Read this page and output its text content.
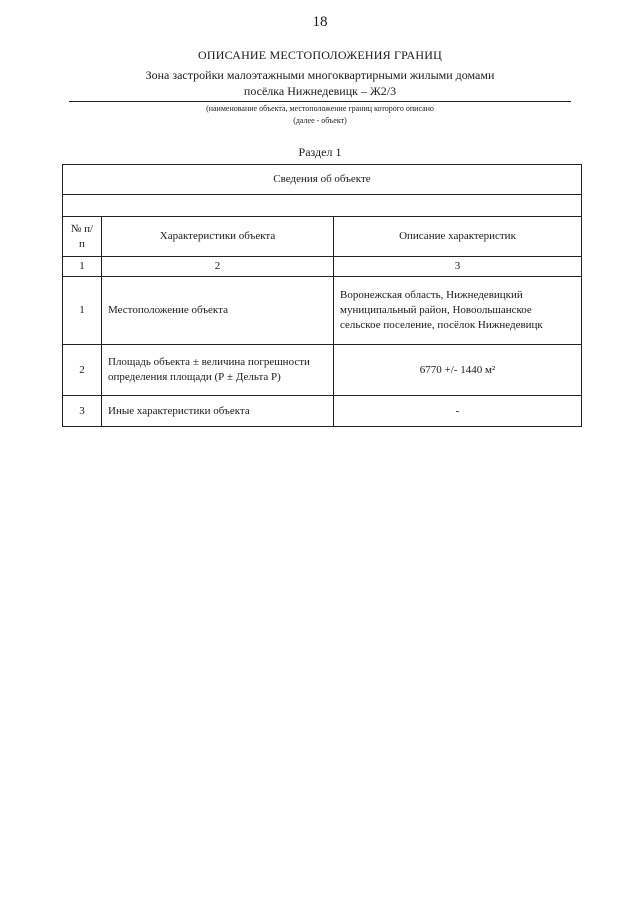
18
ОПИСАНИЕ МЕСТОПОЛОЖЕНИЯ ГРАНИЦ
Зона застройки малоэтажными многоквартирными жилыми домами
посёлка Нижнедевицк – Ж2/3
(наименование объекта, местоположение границ которого описано
(далее - объект)
Раздел 1
Сведения об объекте		

№ п/п	Характеристики объекта	Описание характеристик
1	2	3
1	Местоположение объекта	Воронежская область, Нижнедевицкий муниципальный район, Новоольшанское сельское поселение, посёлок Нижнедевицк
2	Площадь объекта ± величина погрешности определения площади (Р ± Дельта Р)	6770 +/- 1440 м²
3	Иные характеристики объекта	-
